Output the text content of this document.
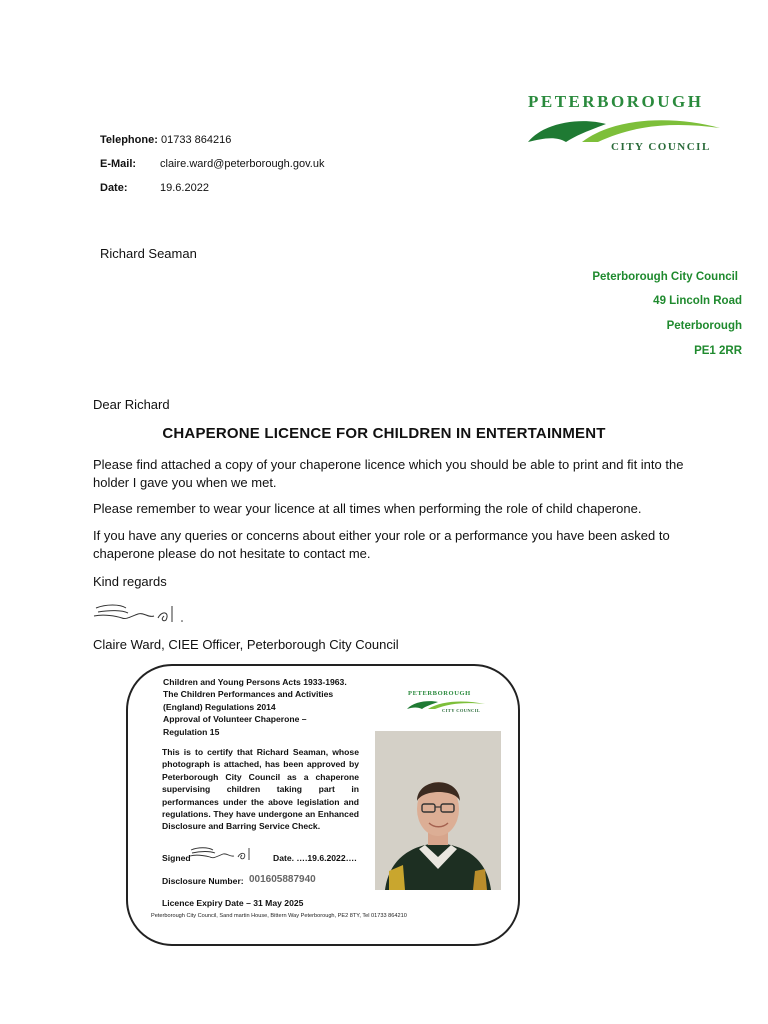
PETERBOROUGH
CITY COUNCIL
Telephone: 01733 864216
E-Mail: claire.ward@peterborough.gov.uk
Date:	19.6.2022
Richard Seaman
Peterborough City Council
49 Lincoln Road
Peterborough
PE1 2RR
Dear Richard
CHAPERONE LICENCE FOR CHILDREN IN ENTERTAINMENT
Please find attached a copy of your chaperone licence which you should be able to print and fit into the holder I gave you when we met.
Please remember to wear your licence at all times when performing the role of child chaperone.
If you have any queries or concerns about either your role or a performance you have been asked to chaperone please do not hesitate to contact me.
Kind regards
Claire Ward, CIEE Officer, Peterborough City Council
Children and Young Persons Acts 1933-1963.
The Children Performances and Activities
(England) Regulations 2014
Approval of Volunteer Chaperone –
Regulation 15
PETERBOROUGH
CITY COUNCIL
This is to certify that Richard Seaman, whose photograph is attached, has been approved by Peterborough City Council as a chaperone supervising children taking part in performances under the above legislation and regulations. They have undergone an Enhanced Disclosure and Barring Service Check.
Signed	Date. ….19.6.2022….
Disclosure Number: 001605887940
Licence Expiry Date – 31 May 2025
Peterborough City Council, Sand martin House, Bittern Way Peterborough, PE2 8TY, Tel 01733 864210
